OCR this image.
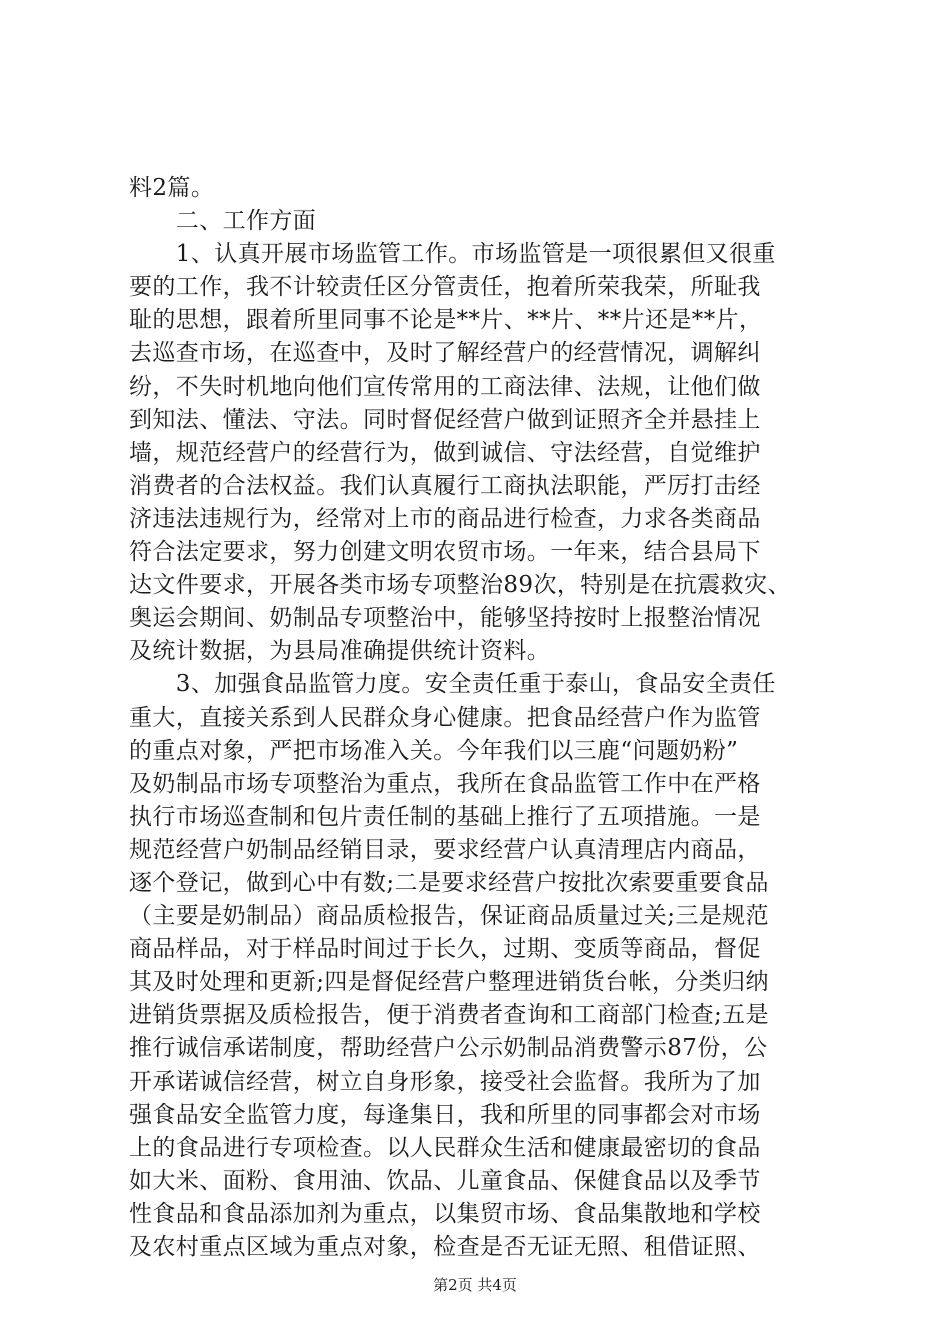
料2篇。
　　二、工作方面
　　1、认真开展市场监管工作。市场监管是一项很累但又很重
要的工作，我不计较责任区分管责任，抱着所荣我荣，所耻我
耻的思想，跟着所里同事不论是**片、**片、**片还是**片，
去巡查市场，在巡查中，及时了解经营户的经营情况，调解纠
纷，不失时机地向他们宣传常用的工商法律、法规，让他们做
到知法、懂法、守法。同时督促经营户做到证照齐全并悬挂上
墙，规范经营户的经营行为，做到诚信、守法经营，自觉维护
消费者的合法权益。我们认真履行工商执法职能，严厉打击经
济违法违规行为，经常对上市的商品进行检查，力求各类商品
符合法定要求，努力创建文明农贸市场。一年来，结合县局下
达文件要求，开展各类市场专项整治89次，特别是在抗震救灾、
奥运会期间、奶制品专项整治中，能够坚持按时上报整治情况
及统计数据，为县局准确提供统计资料。
　　3、加强食品监管力度。安全责任重于泰山，食品安全责任
重大，直接关系到人民群众身心健康。把食品经营户作为监管
的重点对象，严把市场准入关。今年我们以三鹿“问题奶粉”
及奶制品市场专项整治为重点，我所在食品监管工作中在严格
执行市场巡查制和包片责任制的基础上推行了五项措施。一是
规范经营户奶制品经销目录，要求经营户认真清理店内商品，
逐个登记，做到心中有数;二是要求经营户按批次索要重要食品
（主要是奶制品）商品质检报告，保证商品质量过关;三是规范
商品样品，对于样品时间过于长久，过期、变质等商品，督促
其及时处理和更新;四是督促经营户整理进销货台帐，分类归纳
进销货票据及质检报告，便于消费者查询和工商部门检查;五是
推行诚信承诺制度，帮助经营户公示奶制品消费警示87份，公
开承诺诚信经营，树立自身形象，接受社会监督。我所为了加
强食品安全监管力度，每逢集日，我和所里的同事都会对市场
上的食品进行专项检查。以人民群众生活和健康最密切的食品
如大米、面粉、食用油、饮品、儿童食品、保健食品以及季节
性食品和食品添加剂为重点，以集贸市场、食品集散地和学校
及农村重点区域为重点对象，检查是否无证无照、租借证照、
第2页 共4页
